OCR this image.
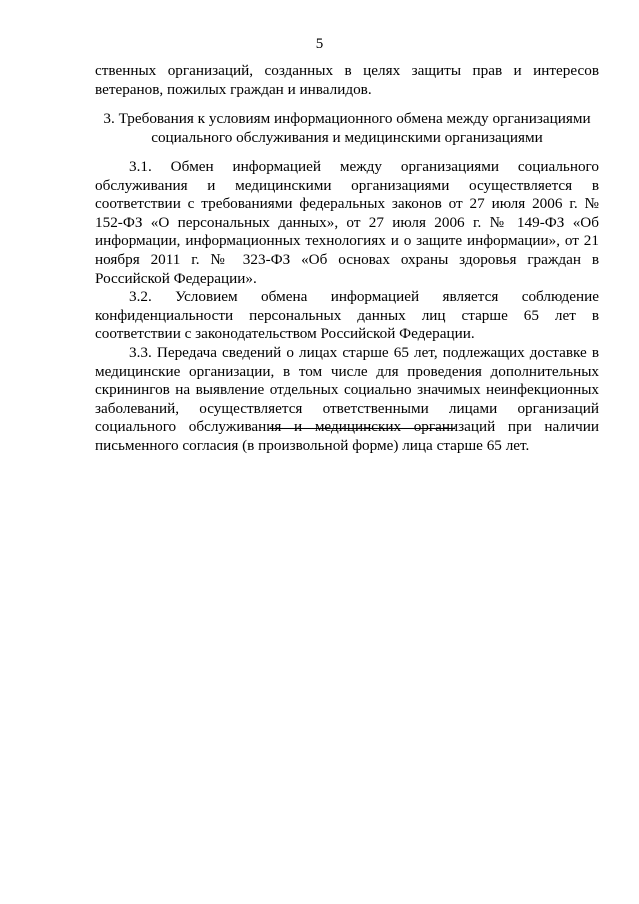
5

ственных организаций, созданных в целях защиты прав и интересов ветеранов, пожилых граждан и инвалидов.

3. Требования к условиям информационного обмена между организациями
социального обслуживания и медицинскими организациями

3.1. Обмен информацией между организациями социального обслуживания и медицинскими организациями осуществляется в соответствии с требованиями федеральных законов от 27 июля 2006 г. № 152-ФЗ «О персональных данных», от 27 июля 2006 г. № 149-ФЗ «Об информации, информационных технологиях и о защите информации», от 21 ноября 2011 г. № 323-ФЗ «Об основах охраны здоровья граждан в Российской Федерации».

3.2. Условием обмена информацией является соблюдение конфиденциальности персональных данных лиц старше 65 лет в соответствии с законодательством Российской Федерации.

3.3. Передача сведений о лицах старше 65 лет, подлежащих доставке в медицинские организации, в том числе для проведения дополнительных скринингов на выявление отдельных социально значимых неинфекционных заболеваний, осуществляется ответственными лицами организаций социального обслуживания и медицинских организаций при наличии письменного согласия (в произвольной форме) лица старше 65 лет.
